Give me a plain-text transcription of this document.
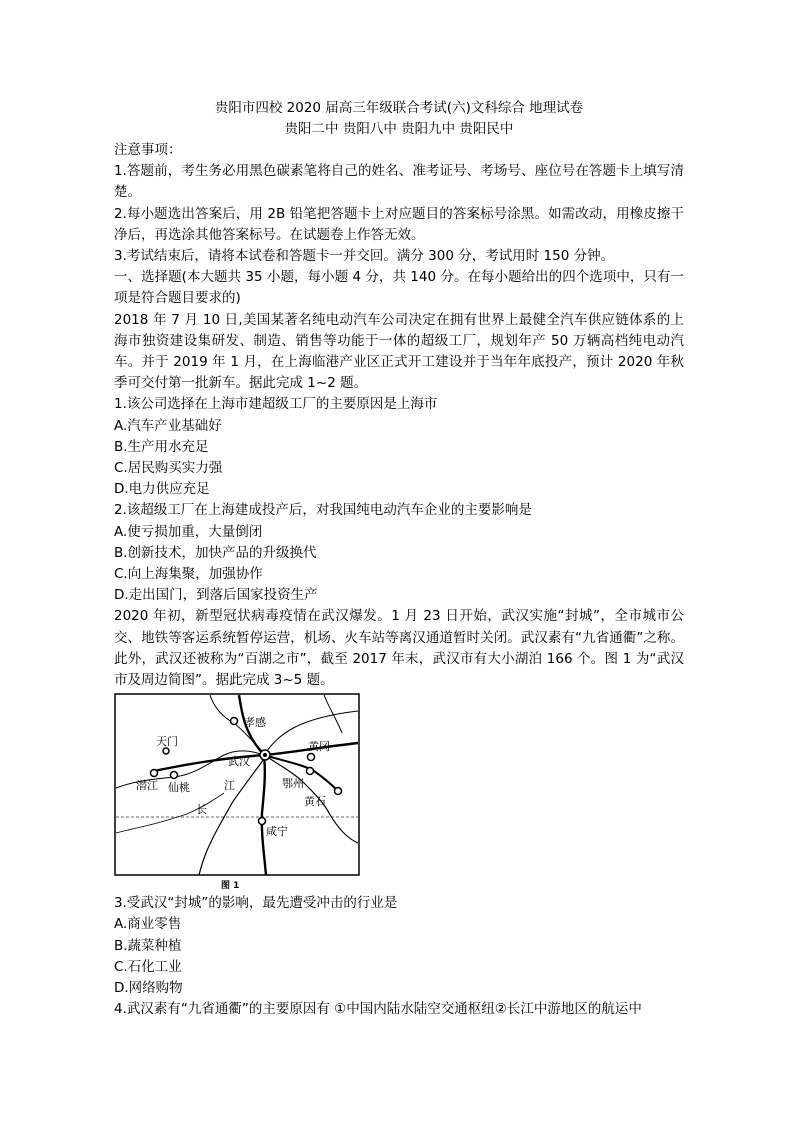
贵阳市四校 2020 届高三年级联合考试(六)文科综合 地理试卷
贵阳二中 贵阳八中 贵阳九中 贵阳民中
注意事项：
1.答题前，考生务必用黑色碳素笔将自己的姓名、准考证号、考场号、座位号在答题卡上填写清楚。
2.每小题选出答案后，用 2B 铅笔把答题卡上对应题目的答案标号涂黑。如需改动，用橡皮擦干净后，再选涂其他答案标号。在试题卷上作答无效。
3.考试结束后，请将本试卷和答题卡一并交回。满分 300 分，考试用时 150 分钟。
一、选择题(本大题共 35 小题，每小题 4 分，共 140 分。在每小题给出的四个选项中，只有一项是符合题目要求的)
2018 年 7 月 10 日,美国某著名纯电动汽车公司决定在拥有世界上最健全汽车供应链体系的上海市独资建设集研发、制造、销售等功能于一体的超级工厂，规划年产 50 万辆高档纯电动汽车。并于 2019 年 1 月，在上海临港产业区正式开工建设并于当年年底投产，预计 2020 年秋季可交付第一批新车。据此完成 1~2 题。
1.该公司选择在上海市建超级工厂的主要原因是上海市
A.汽车产业基础好
B.生产用水充足
C.居民购买实力强
D.电力供应充足
2.该超级工厂在上海建成投产后，对我国纯电动汽车企业的主要影响是
A.使亏损加重，大量倒闭
B.创新技术，加快产品的升级换代
C.向上海集聚，加强协作
D.走出国门，到落后国家投资生产
2020 年初，新型冠状病毒疫情在武汉爆发。1 月 23 日开始，武汉实施“封城”，全市城市公交、地铁等客运系统暂停运营，机场、火车站等离汉通道暂时关闭。武汉素有“九省通衢”之称。此外，武汉还被称为“百湖之市”，截至 2017 年末，武汉市有大小湖泊 166 个。图 1 为“武汉市及周边简图”。据此完成 3~5 题。
孝感
天门
武汉
黄冈
潜江 仙桃	江	鄂州
黄石
长
咸宁
图 1
3.受武汉“封城”的影响，最先遭受冲击的行业是
A.商业零售
B.蔬菜种植
C.石化工业
D.网络购物
4.武汉素有“九省通衢”的主要原因有 ①中国内陆水陆空交通枢纽②长江中游地区的航运中
